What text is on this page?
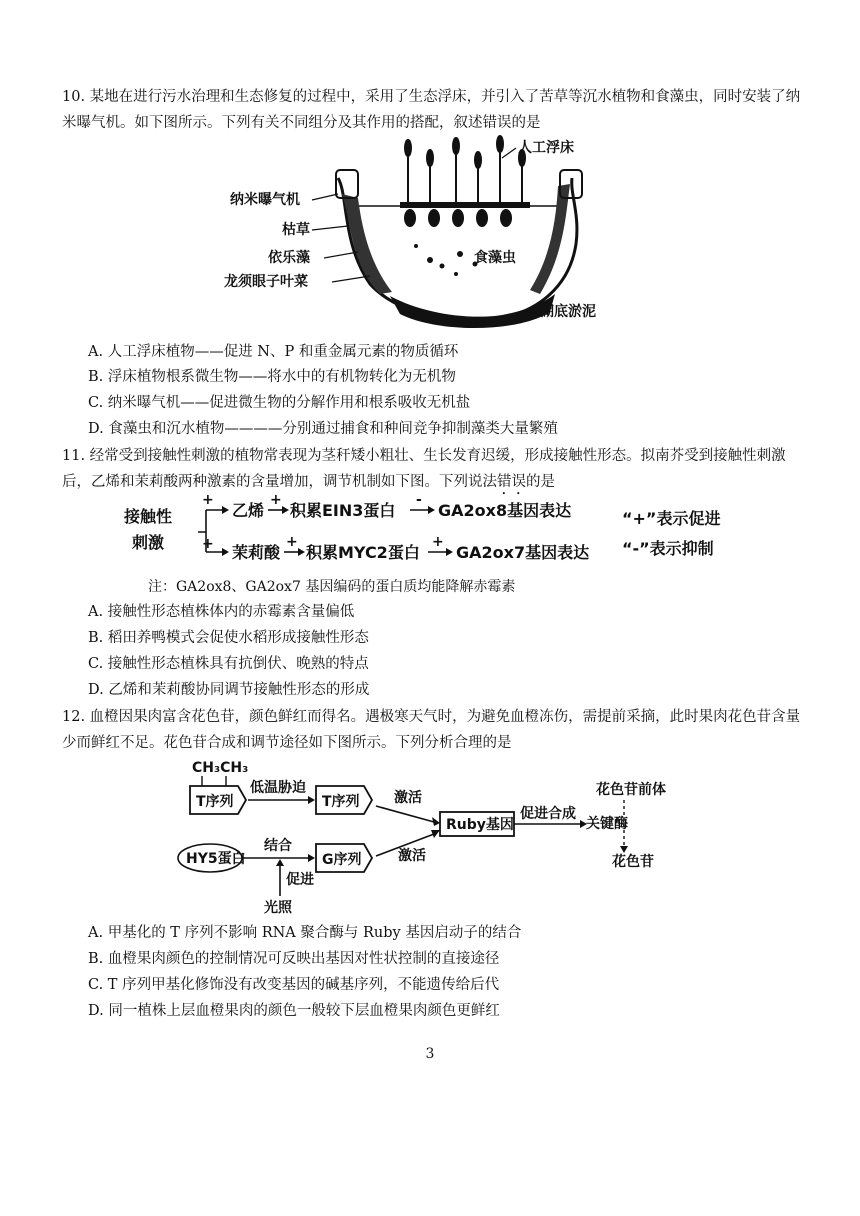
10. 某地在进行污水治理和生态修复的过程中，采用了生态浮床，并引入了苦草等沉水植物和食藻虫，同时安装了纳米曝气机。如下图所示。下列有关不同组分及其作用的搭配，叙述错误的是
人工浮床
纳米曝气机
枯草
依乐藻	食藻虫
龙须眼子叶菜
湖底淤泥
A. 人工浮床植物——促进 N、P 和重金属元素的物质循环
B. 浮床植物根系微生物——将水中的有机物转化为无机物
C. 纳米曝气机——促进微生物的分解作用和根系吸收无机盐
D. 食藻虫和沉水植物————分别通过捕食和种间竞争抑制藻类大量繁殖
11. 经常受到接触性刺激的植物常表现为茎秆矮小粗壮、生长发育迟缓，形成接触性形态。拟南芥受到接触性刺激后，乙烯和茉莉酸两种激素的含量增加，调节机制如下图。下列说法错误的是
接触性
刺激
+
+
乙烯
+
积累EIN3蛋白
-
GA2ox8基因表达
茉莉酸
+
积累MYC2蛋白
+
GA2ox7基因表达
“+”表示促进
“-”表示抑制
注：GA2ox8、GA2ox7 基因编码的蛋白质均能降解赤霉素
A. 接触性形态植株体内的赤霉素含量偏低
B. 稻田养鸭模式会促使水稻形成接触性形态
C. 接触性形态植株具有抗倒伏、晚熟的特点
D. 乙烯和茉莉酸协同调节接触性形态的形成
12. 血橙因果肉富含花色苷，颜色鲜红而得名。遇极寒天气时，为避免血橙冻伤，需提前采摘，此时果肉花色苷含量少而鲜红不足。花色苷合成和调节途径如下图所示。下列分析合理的是
CH₃CH₃
T序列
低温胁迫
T序列 激活
激活
Ruby基因
促进合成
关键酶
花色苷前体
花色苷
HY5蛋白
结合
G序列
促进
光照
A. 甲基化的 T 序列不影响 RNA 聚合酶与 Ruby 基因启动子的结合
B. 血橙果肉颜色的控制情况可反映出基因对性状控制的直接途径
C. T 序列甲基化修饰没有改变基因的碱基序列，不能遗传给后代
D. 同一植株上层血橙果肉的颜色一般较下层血橙果肉颜色更鲜红
3
